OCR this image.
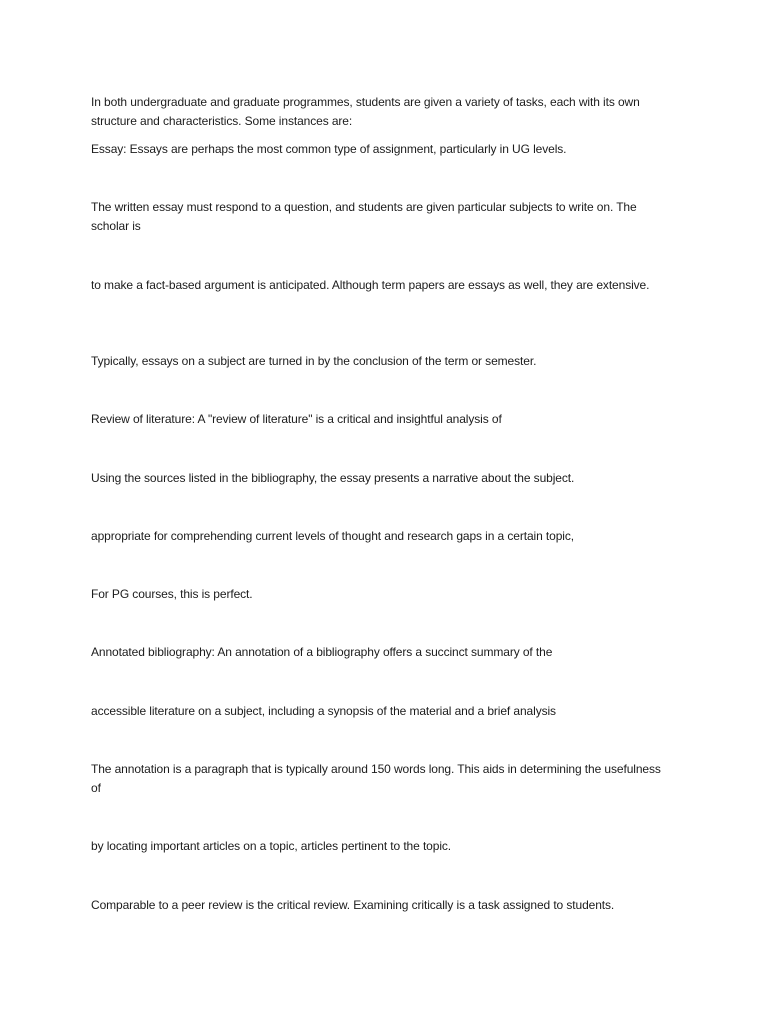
In both undergraduate and graduate programmes, students are given a variety of tasks, each with its own structure and characteristics. Some instances are:

Essay: Essays are perhaps the most common type of assignment, particularly in UG levels.

The written essay must respond to a question, and students are given particular subjects to write on. The scholar is

to make a fact-based argument is anticipated. Although term papers are essays as well, they are extensive.

Typically, essays on a subject are turned in by the conclusion of the term or semester.

Review of literature: A "review of literature" is a critical and insightful analysis of

Using the sources listed in the bibliography, the essay presents a narrative about the subject.

appropriate for comprehending current levels of thought and research gaps in a certain topic,

For PG courses, this is perfect.

Annotated bibliography: An annotation of a bibliography offers a succinct summary of the

accessible literature on a subject, including a synopsis of the material and a brief analysis

The annotation is a paragraph that is typically around 150 words long. This aids in determining the usefulness of

by locating important articles on a topic, articles pertinent to the topic.

Comparable to a peer review is the critical review. Examining critically is a task assigned to students.
